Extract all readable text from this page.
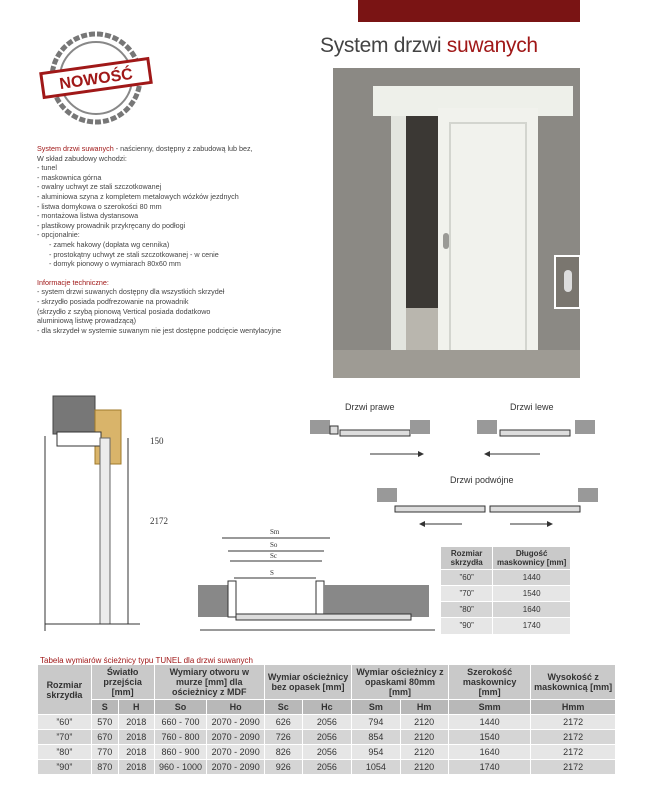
System drzwi suwanych
NOWOŚĆ
System drzwi suwanych - naścienny, dostępny z zabudową lub bez,
W skład zabudowy wchodzi:
- tunel
- maskownica górna
- owalny uchwyt ze stali szczotkowanej
- aluminiowa szyna z kompletem metalowych wózków jezdnych
- listwa domykowa o szerokości 80 mm
- montażowa listwa dystansowa
- plastikowy prowadnik przykręcany do podłogi
- opcjonalnie:
- zamek hakowy (dopłata wg cennika)
- prostokątny uchwyt ze stali szczotkowanej - w cenie
- domyk pionowy o wymiarach 80x60 mm
Informacje techniczne:
- system drzwi suwanych dostępny dla wszystkich skrzydeł
- skrzydło posiada podfrezowanie na prowadnik
(skrzydło z szybą pionową Vertical posiada dodatkowo
aluminiową listwę prowadzącą)
- dla skrzydeł w systemie suwanym nie jest dostępne podcięcie wentylacyjne
150
2172
Drzwi prawe	Drzwi lewe
Drzwi podwójne
Sm
So
Sc
S
Rozmiar skrzydła	Długość maskownicy [mm]
”60”	1440
”70”	1540
”80”	1640
”90”	1740
Tabela wymiarów ścieżnicy typu TUNEL dla drzwi suwanych
Rozmiar skrzydła	Światło przejścia [mm]		Wymiary otworu w murze [mm] dla ościeżnicy z MDF		Wymiar ościeżnicy bez opasek [mm]		Wymiar ościeżnicy z opaskami 80mm [mm]		Szerokość maskownicy [mm]	Wysokość z maskownicą [mm]
	S	H	So	Ho	Sc	Hc	Sm	Hm	Smm	Hmm
”60”	570	2018	660 - 700	2070 - 2090	626	2056	794	2120	1440	2172
”70”	670	2018	760 - 800	2070 - 2090	726	2056	854	2120	1540	2172
”80”	770	2018	860 - 900	2070 - 2090	826	2056	954	2120	1640	2172
”90”	870	2018	960 - 1000	2070 - 2090	926	2056	1054	2120	1740	2172
